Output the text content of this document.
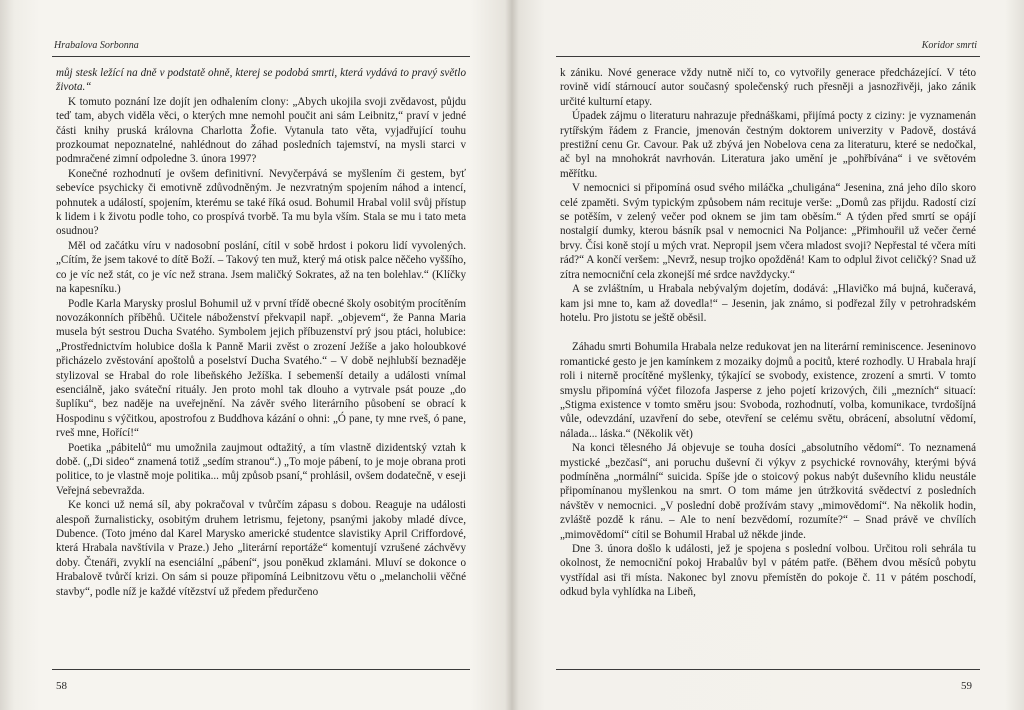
Hrabalova Sorbonna

můj stesk ležící na dně v podstatě ohně, kterej se podobá smrti, která vydává to pravý světlo života.“

K tomuto poznání lze dojít jen odhalením clony: „Abych ukojila svoji zvědavost, půjdu teď tam, abych viděla věci, o kterých mne nemohl poučit ani sám Leibnitz,“ praví v jedné části knihy pruská královna Charlotta Žofie. Vytanula tato věta, vyjadřující touhu prozkoumat nepoznatelné, nahlédnout do záhad posledních tajemství, na mysli starci v podmračené zimní odpoledne 3. února 1997?

Konečné rozhodnutí je ovšem definitivní. Nevyčerpává se myšlením či gestem, byť sebevíce psychicky či emotivně zdůvodněným. Je nezvratným spojením náhod a intencí, pohnutek a událostí, spojením, kterému se také říká osud. Bohumil Hrabal volil svůj přístup k lidem i k životu podle toho, co prospívá tvorbě. Ta mu byla vším. Stala se mu i tato meta osudnou?

Měl od začátku víru v nadosobní poslání, cítil v sobě hrdost i pokoru lidí vyvolených. „Cítím, že jsem takové to dítě Boží. – Takový ten muž, který má otisk palce něčeho vyššího, co je víc než stát, co je víc než strana. Jsem maličký Sokrates, až na ten bolehlav.“ (Klíčky na kapesníku.)

Podle Karla Marysky proslul Bohumil už v první třídě obecné školy osobitým procítěním novozákonních příběhů. Učitele náboženství překvapil např. „objevem“, že Panna Maria musela být sestrou Ducha Svatého. Symbolem jejich příbuzenství prý jsou ptáci, holubice: „Prostřednictvím holubice došla k Panně Marii zvěst o zrození Ježíše a jako holoubkové přicházelo zvěstování apoštolů a poselství Ducha Svatého.“ – V době nejhlubší beznaděje stylizoval se Hrabal do role libeňského Ježíška. I sebemenší detaily a události vnímal esenciálně, jako sváteční rituály. Jen proto mohl tak dlouho a vytrvale psát pouze „do šuplíku“, bez naděje na uveřejnění. Na závěr svého literárního působení se obrací k Hospodinu s výčitkou, apostrofou z Buddhova kázání o ohni: „Ó pane, ty mne rveš, ó pane, rveš mne, Hořící!“

Poetika „pábitelů“ mu umožnila zaujmout odtažitý, a tím vlastně dizidentský vztah k době. („Di sideo“ znamená totiž „sedím stranou“.) „To moje pábení, to je moje obrana proti politice, to je vlastně moje politika... můj způsob psaní,“ prohlásil, ovšem dodatečně, v eseji Veřejná sebevražda.

Ke konci už nemá síl, aby pokračoval v tvůrčím zápasu s dobou. Reaguje na události alespoň žurnalisticky, osobitým druhem letrismu, fejetony, psanými jakoby mladé dívce, Dubence. (Toto jméno dal Karel Marysko americké studentce slavistiky April Criffordové, která Hrabala navštívila v Praze.) Jeho „literární reportáže“ komentují vzrušené záchvěvy doby. Čtenáři, zvyklí na esenciální „pábení“, jsou poněkud zklamáni. Mluví se dokonce o Hrabalově tvůrčí krizi. On sám si pouze připomíná Leibnitzovu větu o „melancholii věčné stavby“, podle níž je každé vítězství už předem předurčeno

58
Koridor smrti

k zániku. Nové generace vždy nutně ničí to, co vytvořily generace předcházející. V této rovině vidí stárnoucí autor současný společenský ruch přesněji a jasnozřivěji, jako zánik určité kulturní etapy.

Úpadek zájmu o literaturu nahrazuje přednáškami, přijímá pocty z ciziny: je vyznamenán rytířským řádem z Francie, jmenován čestným doktorem univerzity v Padově, dostává prestižní cenu Gr. Cavour. Pak už zbývá jen Nobelova cena za literaturu, které se nedočkal, ač byl na mnohokrát navrhován. Literatura jako umění je „pohřbívána“ i ve světovém měřítku.

V nemocnici si připomíná osud svého miláčka „chuligána“ Jesenina, zná jeho dílo skoro celé zpaměti. Svým typickým způsobem nám recituje verše: „Domů zas přijdu. Radostí cizí se potěším, v zelený večer pod oknem se jim tam oběsím.“ A týden před smrtí se opájí nostalgií dumky, kterou básník psal v nemocnici Na Poljance: „Přimhouřil už večer černé brvy. Čísi koně stojí u mých vrat. Nepropil jsem včera mladost svoji? Nepřestal té včera míti rád?“ A končí veršem: „Nevrž, nesup trojko opožděná! Kam to odplul život celičký? Snad už zítra nemocniční cela zkonejší mé srdce navždycky.“

A se zvláštním, u Hrabala nebývalým dojetím, dodává: „Hlavičko má bujná, kučeravá, kam jsi mne to, kam až dovedla!“ – Jesenin, jak známo, si podřezal žíly v petrohradském hotelu. Pro jistotu se ještě oběsil.

Záhadu smrti Bohumila Hrabala nelze redukovat jen na literární reminiscence. Jeseninovo romantické gesto je jen kamínkem z mozaiky dojmů a pocitů, které rozhodly. U Hrabala hrají roli i niterně procítěné myšlenky, týkající se svobody, existence, zrození a smrti. V tomto smyslu připomíná výčet filozofa Jasperse z jeho pojetí krizových, čili „mezních“ situací: „Stigma existence v tomto směru jsou: Svoboda, rozhodnutí, volba, komunikace, tvrdošíjná vůle, odevzdání, uzavření do sebe, otevření se celému světu, obrácení, absolutní vědomí, nálada... láska.“ (Několik vět)

Na konci tělesného Já objevuje se touha dosíci „absolutního vědomí“. To neznamená mystické „bezčasí“, ani poruchu duševní či výkyv z psychické rovnováhy, kterými bývá podmíněna „normální“ suicida. Spíše jde o stoicový pokus nabýt duševního klidu neustále připomínanou myšlenkou na smrt. O tom máme jen útržkovitá svědectví z posledních návštěv v nemocnici. „V poslední době prožívám stavy „mimovědomí“. Na několik hodin, zvláště pozdě k ránu. – Ale to není bezvědomí, rozumíte?“ – Snad právě ve chvílích „mimovědomí“ cítil se Bohumil Hrabal už někde jinde.

Dne 3. února došlo k události, jež je spojena s poslední volbou. Určitou roli sehrála tu okolnost, že nemocniční pokoj Hrabalův byl v pátém patře. (Během dvou měsíců pobytu vystřídal asi tři místa. Nakonec byl znovu přemístěn do pokoje č. 11 v pátém poschodí, odkud byla vyhlídka na Libeň,

59
